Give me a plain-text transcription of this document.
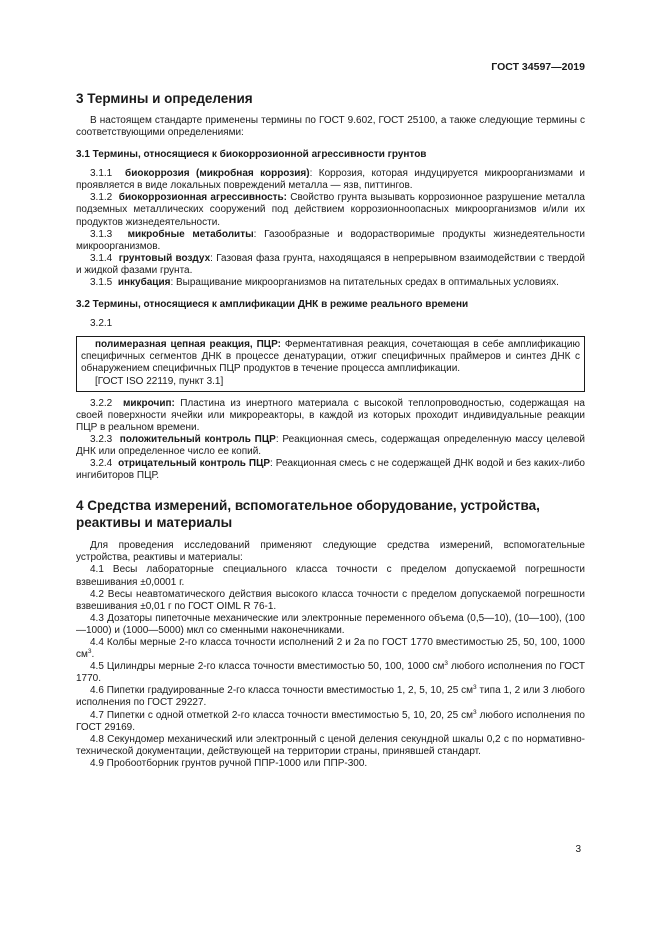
ГОСТ 34597—2019
3 Термины и определения

В настоящем стандарте применены термины по ГОСТ 9.602, ГОСТ 25100, а также следующие термины с соответствующими определениями:

3.1 Термины, относящиеся к биокоррозионной агрессивности грунтов

3.1.1 биокоррозия (микробная коррозия): Коррозия, которая индуцируется микроорганизмами и проявляется в виде локальных повреждений металла — язв, питтингов.

3.1.2 биокоррозионная агрессивность: Свойство грунта вызывать коррозионное разрушение металла подземных металлических сооружений под действием коррозионноопасных микроорганизмов и/или их продуктов жизнедеятельности.

3.1.3 микробные метаболиты: Газообразные и водорастворимые продукты жизнедеятельности микроорганизмов.

3.1.4 грунтовый воздух: Газовая фаза грунта, находящаяся в непрерывном взаимодействии с твердой и жидкой фазами грунта.

3.1.5 инкубация: Выращивание микроорганизмов на питательных средах в оптимальных условиях.

3.2 Термины, относящиеся к амплификации ДНК в режиме реального времени

3.2.1

полимеразная цепная реакция, ПЦР: Ферментативная реакция, сочетающая в себе амплификацию специфичных сегментов ДНК в процессе денатурации, отжиг специфичных праймеров и синтез ДНК с обнаружением специфичных ПЦР продуктов в течение процесса амплификации.

[ГОСТ ISO 22119, пункт 3.1]

3.2.2 микрочип: Пластина из инертного материала с высокой теплопроводностью, содержащая на своей поверхности ячейки или микрореакторы, в каждой из которых проходит индивидуальные реакции ПЦР в реальном времени.

3.2.3 положительный контроль ПЦР: Реакционная смесь, содержащая определенную массу целевой ДНК или определенное число ее копий.

3.2.4 отрицательный контроль ПЦР: Реакционная смесь с не содержащей ДНК водой и без каких-либо ингибиторов ПЦР.

4 Средства измерений, вспомогательное оборудование, устройства, реактивы и материалы

Для проведения исследований применяют следующие средства измерений, вспомогательные устройства, реактивы и материалы:

4.1 Весы лабораторные специального класса точности с пределом допускаемой погрешности взвешивания ±0,0001 г.

4.2 Весы неавтоматического действия высокого класса точности с пределом допускаемой погрешности взвешивания ±0,01 г по ГОСТ OIML R 76-1.

4.3 Дозаторы пипеточные механические или электронные переменного объема (0,5—10), (10—100), (100—1000) и (1000—5000) мкл со сменными наконечниками.

4.4 Колбы мерные 2-го класса точности исполнений 2 и 2а по ГОСТ 1770 вместимостью 25, 50, 100, 1000 $см^3$.

4.5 Цилиндры мерные 2-го класса точности вместимостью 50, 100, 1000 $см^3$ любого исполнения по ГОСТ 1770.

4.6 Пипетки градуированные 2-го класса точности вместимостью 1, 2, 5, 10, 25 $см^3$ типа 1, 2 или 3 любого исполнения по ГОСТ 29227.

4.7 Пипетки с одной отметкой 2-го класса точности вместимостью 5, 10, 20, 25 $см^3$ любого исполнения по ГОСТ 29169.

4.8 Секундомер механический или электронный с ценой деления секундной шкалы 0,2 с по нормативно-технической документации, действующей на территории страны, принявшей стандарт.

4.9 Пробоотборник грунтов ручной ППР-1000 или ППР-300.

3
